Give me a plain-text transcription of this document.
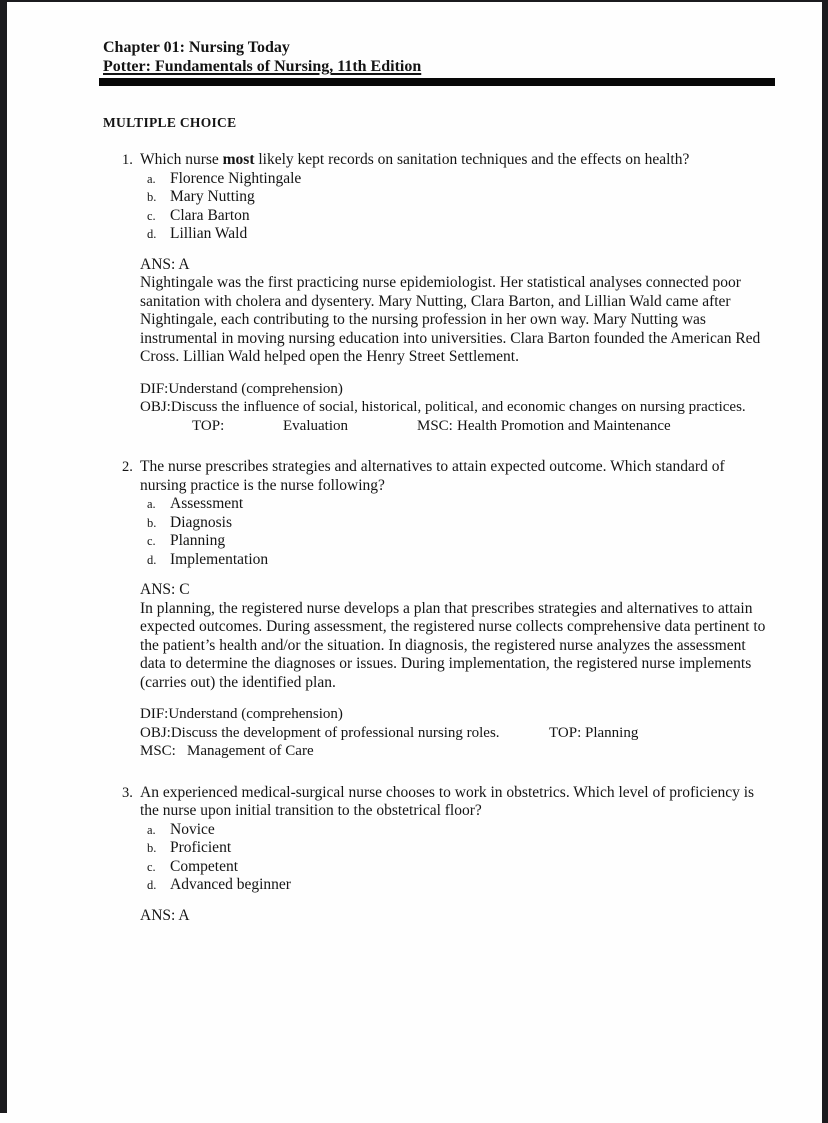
Chapter 01: Nursing Today
Potter: Fundamentals of Nursing, 11th Edition
MULTIPLE CHOICE
1. Which nurse most likely kept records on sanitation techniques and the effects on health?
a. Florence Nightingale
b. Mary Nutting
c. Clara Barton
d. Lillian Wald
ANS: A
Nightingale was the first practicing nurse epidemiologist. Her statistical analyses connected poor sanitation with cholera and dysentery. Mary Nutting, Clara Barton, and Lillian Wald came after Nightingale, each contributing to the nursing profession in her own way. Mary Nutting was instrumental in moving nursing education into universities. Clara Barton founded the American Red Cross. Lillian Wald helped open the Henry Street Settlement.
DIF:Understand (comprehension)
OBJ:Discuss the influence of social, historical, political, and economic changes on nursing practices.
TOP:	Evaluation	MSC: Health Promotion and Maintenance
2. The nurse prescribes strategies and alternatives to attain expected outcome. Which standard of nursing practice is the nurse following?
a. Assessment
b. Diagnosis
c. Planning
d. Implementation
ANS: C
In planning, the registered nurse develops a plan that prescribes strategies and alternatives to attain expected outcomes. During assessment, the registered nurse collects comprehensive data pertinent to the patient’s health and/or the situation. In diagnosis, the registered nurse analyzes the assessment data to determine the diagnoses or issues. During implementation, the registered nurse implements (carries out) the identified plan.
DIF:Understand (comprehension)
OBJ:Discuss the development of professional nursing roles.	TOP: Planning
MSC: Management of Care
3. An experienced medical-surgical nurse chooses to work in obstetrics. Which level of proficiency is the nurse upon initial transition to the obstetrical floor?
a. Novice
b. Proficient
c. Competent
d. Advanced beginner
ANS: A
